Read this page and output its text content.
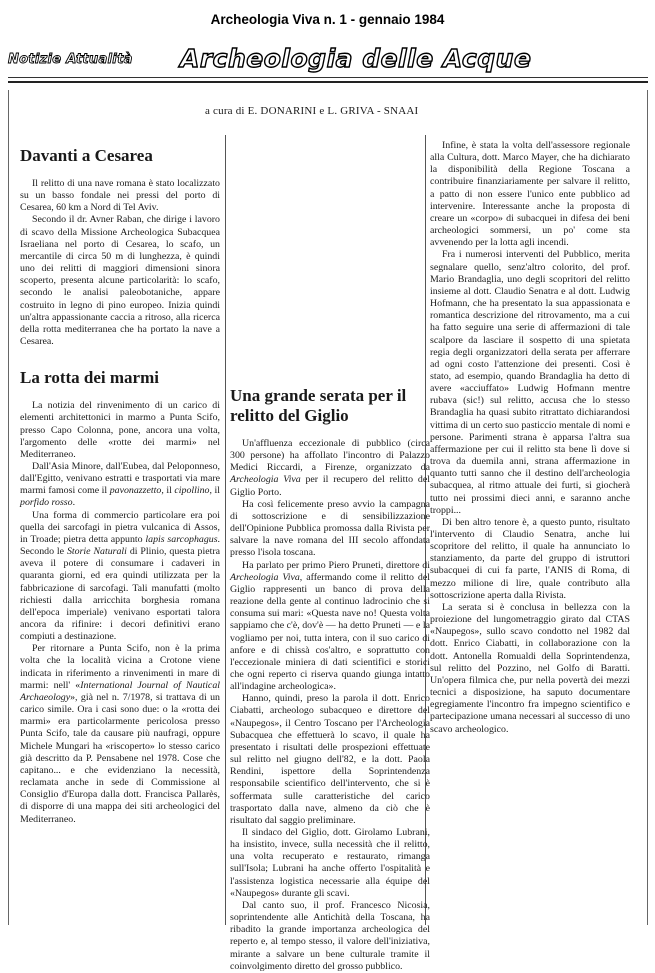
Archeologia Viva n. 1 - gennaio 1984
Notizie Attualità Archeologia delle Acque
a cura di E. DONARINI e L. GRIVA - SNAAI
Davanti a Cesarea

Il relitto di una nave romana è stato localizzato su un basso fondale nei pressi del porto di Cesarea, 60 km a Nord di Tel Aviv.

Secondo il dr. Avner Raban, che dirige i lavoro di scavo della Missione Archeologica Subacquea Israeliana nel porto di Cesarea, lo scafo, un mercantile di circa 50 m di lunghezza, è quindi uno dei relitti di maggiori dimensioni sinora scoperto, presenta alcune particolarità: lo scafo, secondo le analisi paleobotaniche, appare costruito in legno di pino europeo. Inizia quindi un'altra appassionante caccia a ritroso, alla ricerca della rotta mediterranea che ha portato la nave a Cesarea.

La rotta dei marmi

La notizia del rinvenimento di un carico di elementi architettonici in marmo a Punta Scifo, presso Capo Colonna, pone, ancora una volta, l'argomento delle «rotte dei marmi» nel Mediterraneo.

Dall'Asia Minore, dall'Eubea, dal Peloponneso, dall'Egitto, venivano estratti e trasportati via mare marmi famosi come il pavonazzetto, il cipollino, il porfido rosso.

Una forma di commercio particolare era poi quella dei sarcofagi in pietra vulcanica di Assos, in Troade; pietra detta appunto lapis sarcophagus. Secondo le Storie Naturali di Plinio, questa pietra aveva il potere di consumare i cadaveri in quaranta giorni, ed era quindi utilizzata per la fabbricazione di sarcofagi. Tali manufatti (molto richiesti dalla arricchita borghesia romana dell'epoca imperiale) venivano esportati talora ancora da rifinire: i decori definitivi erano compiuti a destinazione.

Per ritornare a Punta Scifo, non è la prima volta che la località vicina a Crotone viene indicata in riferimento a rinvenimenti in mare di marmi: nell' «International Journal of Nautical Archaeology», già nel n. 7/1978, si trattava di un carico simile. Ora i casi sono due: o la «rotta dei marmi» era particolarmente pericolosa presso Punta Scifo, tale da causare più naufragi, oppure Michele Mungari ha «riscoperto» lo stesso carico già descritto da P. Pensabene nel 1978. Cose che capitano... e che evidenziano la necessità, reclamata anche in sede di Commissione al Consiglio d'Europa dalla dott. Francisca Pallarès, di disporre di una mappa dei siti archeologici del Mediterraneo.

Una grande serata per il relitto del Giglio

Un'affluenza eccezionale di pubblico (circa 300 persone) ha affollato l'incontro di Palazzo Medici Riccardi, a Firenze, organizzato da Archeologia Viva per il recupero del relitto del Giglio Porto.

Ha così felicemente preso avvio la campagna di sottoscrizione e di sensibilizzazione dell'Opinione Pubblica promossa dalla Rivista per salvare la nave romana del III secolo affondata presso l'isola toscana.

Ha parlato per primo Piero Pruneti, direttore di Archeologia Viva, affermando come il relitto del Giglio rappresenti un banco di prova della reazione della gente al continuo ladrocinio che si consuma sui mari: «Questa nave no! Questa volta sappiamo che c'è, dov'è — ha detto Pruneti — e la vogliamo per noi, tutta intera, con il suo carico di anfore e di chissà cos'altro, e soprattutto con l'eccezionale miniera di dati scientifici e storici che ogni reperto ci riserva quando giunga intatto all'indagine archeologica».

Hanno, quindi, preso la parola il dott. Enrico Ciabatti, archeologo subacqueo e direttore del «Naupegos», il Centro Toscano per l'Archeologia Subacquea che effettuerà lo scavo, il quale ha presentato i risultati delle prospezioni effettuate sul relitto nel giugno dell'82, e la dott. Paola Rendini, ispettore della Soprintendenza responsabile scientifico dell'intervento, che si è soffermata sulle caratteristiche del carico trasportato dalla nave, almeno da ciò che è risultato dal saggio preliminare.

Il sindaco del Giglio, dott. Girolamo Lubrani, ha insistito, invece, sulla necessità che il relitto, una volta recuperato e restaurato, rimanga sull'Isola; Lubrani ha anche offerto l'ospitalità e l'assistenza logistica necessarie alla équipe del «Naupegos» durante gli scavi.

Dal canto suo, il prof. Francesco Nicosia, soprintendente alle Antichità della Toscana, ha ribadito la grande importanza archeologica del reperto e, al tempo stesso, il valore dell'iniziativa, mirante a salvare un bene culturale tramite il coinvolgimento diretto del grosso pubblico.

Infine, è stata la volta dell'assessore regionale alla Cultura, dott. Marco Mayer, che ha dichiarato la disponibilità della Regione Toscana a contribuire finanziariamente per salvare il relitto, a patto di non essere l'unico ente pubblico ad intervenire. Interessante anche la proposta di creare un «corpo» di subacquei in difesa dei beni archeologici sommersi, un po' come sta avvenendo per la lotta agli incendi.

Fra i numerosi interventi del Pubblico, merita segnalare quello, senz'altro colorito, del prof. Mario Brandaglia, uno degli scopritori del relitto insieme al dott. Claudio Senatra e al dott. Ludwig Hofmann, che ha presentato la sua appassionata e romantica descrizione del ritrovamento, ma a cui ha fatto seguire una serie di affermazioni di tale scalpore da lasciare il sospetto di una spietata regia degli organizzatori della serata per afferrare ad ogni costo l'attenzione dei presenti. Così è stato, ad esempio, quando Brandaglia ha detto di avere «acciuffato» Ludwig Hofmann mentre rubava (sic!) sul relitto, accusa che lo stesso Brandaglia ha quasi subito ritrattato dichiarandosi vittima di un certo suo pasticcio mentale di nomi e persone. Parimenti strana è apparsa l'altra sua affermazione per cui il relitto sta bene lì dove si trova da duemila anni, strana affermazione in quanto tutti sanno che il destino dell'archeologia subacquea, al ritmo attuale dei furti, si giocherà tutto nei prossimi dieci anni, e saranno anche troppi...

Di ben altro tenore è, a questo punto, risultato l'intervento di Claudio Senatra, anche lui scopritore del relitto, il quale ha annunciato lo stanziamento, da parte del gruppo di istruttori subacquei di cui fa parte, l'ANIS di Roma, di mezzo milione di lire, quale contributo alla sottoscrizione aperta dalla Rivista.

La serata si è conclusa in bellezza con la proiezione del lungometraggio girato dal CTAS «Naupegos», sullo scavo condotto nel 1982 dal dott. Enrico Ciabatti, in collaborazione con la dott. Antonella Romualdi della Soprintendenza, sul relitto del Pozzino, nel Golfo di Baratti. Un'opera filmica che, pur nella povertà dei mezzi tecnici a disposizione, ha saputo documentare egregiamente l'incontro fra impegno scientifico e partecipazione umana necessari al successo di uno scavo archeologico.
